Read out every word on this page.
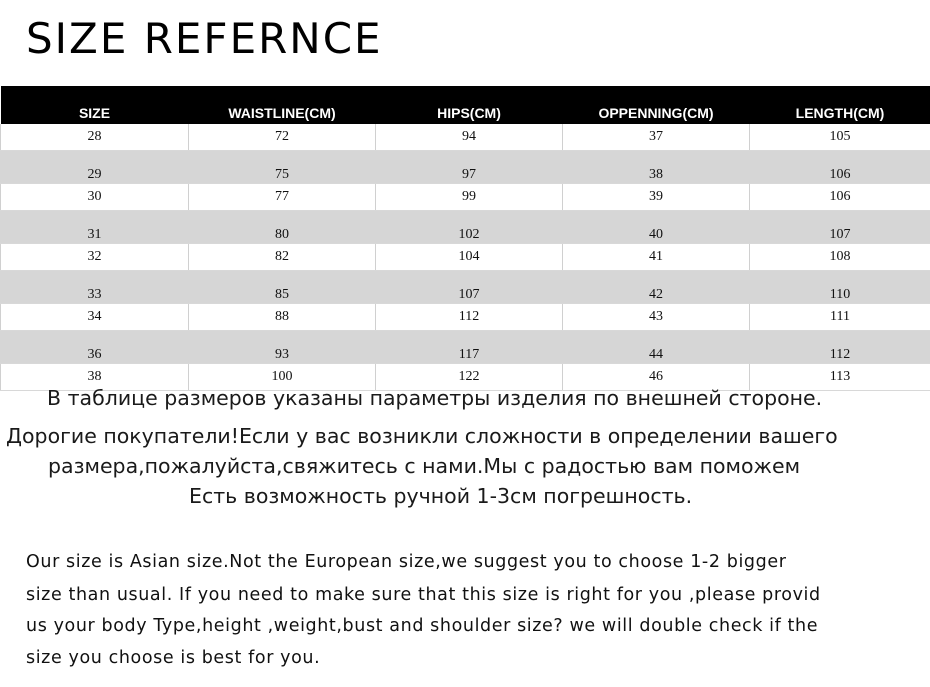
SIZE REFERNCE
SIZE	WAISTLINE(CM)	HIPS(CM)	OPPENNING(CM)	LENGTH(CM)
28	72	94	37	105
29	75	97	38	106
30	77	99	39	106
31	80	102	40	107
32	82	104	41	108
33	85	107	42	110
34	88	112	43	111
36	93	117	44	112
38	100	122	46	113
В таблице размеров указаны параметры изделия по внешней стороне.
Дорогие покупатели!Если у вас возникли сложности в определении вашего
размера,пожалуйста,свяжитесь с нами.Мы с радостью вам поможем
Есть возможность ручной 1-3см погрешность.
Our size is Asian size.Not the European size,we suggest you to choose 1-2 bigger
size than usual. If you need to make sure that this size is right for you ,please provid
us your body Type,height ,weight,bust and shoulder size? we will double check if the
size you choose is best for you.
